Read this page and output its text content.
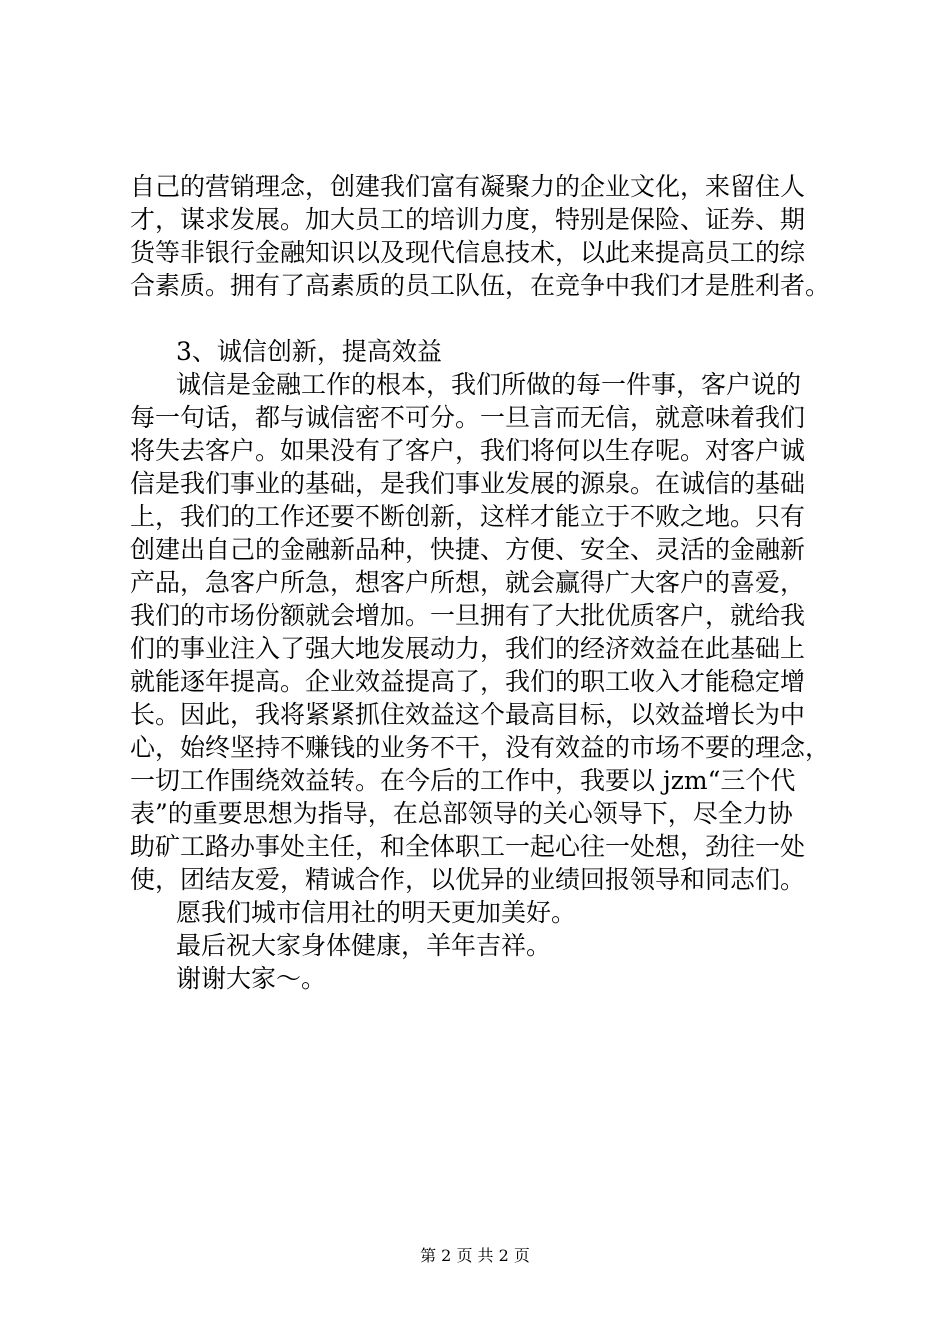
自己的营销理念，创建我们富有凝聚力的企业文化，来留住人
才，谋求发展。加大员工的培训力度，特别是保险、证券、期
货等非银行金融知识以及现代信息技术，以此来提高员工的综
合素质。拥有了高素质的员工队伍，在竞争中我们才是胜利者。
3、诚信创新，提高效益
诚信是金融工作的根本，我们所做的每一件事，客户说的
每一句话，都与诚信密不可分。一旦言而无信，就意味着我们
将失去客户。如果没有了客户，我们将何以生存呢。对客户诚
信是我们事业的基础，是我们事业发展的源泉。在诚信的基础
上，我们的工作还要不断创新，这样才能立于不败之地。只有
创建出自己的金融新品种，快捷、方便、安全、灵活的金融新
产品，急客户所急，想客户所想，就会赢得广大客户的喜爱，
我们的市场份额就会增加。一旦拥有了大批优质客户，就给我
们的事业注入了强大地发展动力，我们的经济效益在此基础上
就能逐年提高。企业效益提高了，我们的职工收入才能稳定增
长。因此，我将紧紧抓住效益这个最高目标，以效益增长为中
心，始终坚持不赚钱的业务不干，没有效益的市场不要的理念，
一切工作围绕效益转。在今后的工作中，我要以 jzm“三个代
表”的重要思想为指导，在总部领导的关心领导下，尽全力协
助矿工路办事处主任，和全体职工一起心往一处想，劲往一处
使，团结友爱，精诚合作，以优异的业绩回报领导和同志们。
愿我们城市信用社的明天更加美好。
最后祝大家身体健康，羊年吉祥。
谢谢大家～。
第 2 页 共 2 页
